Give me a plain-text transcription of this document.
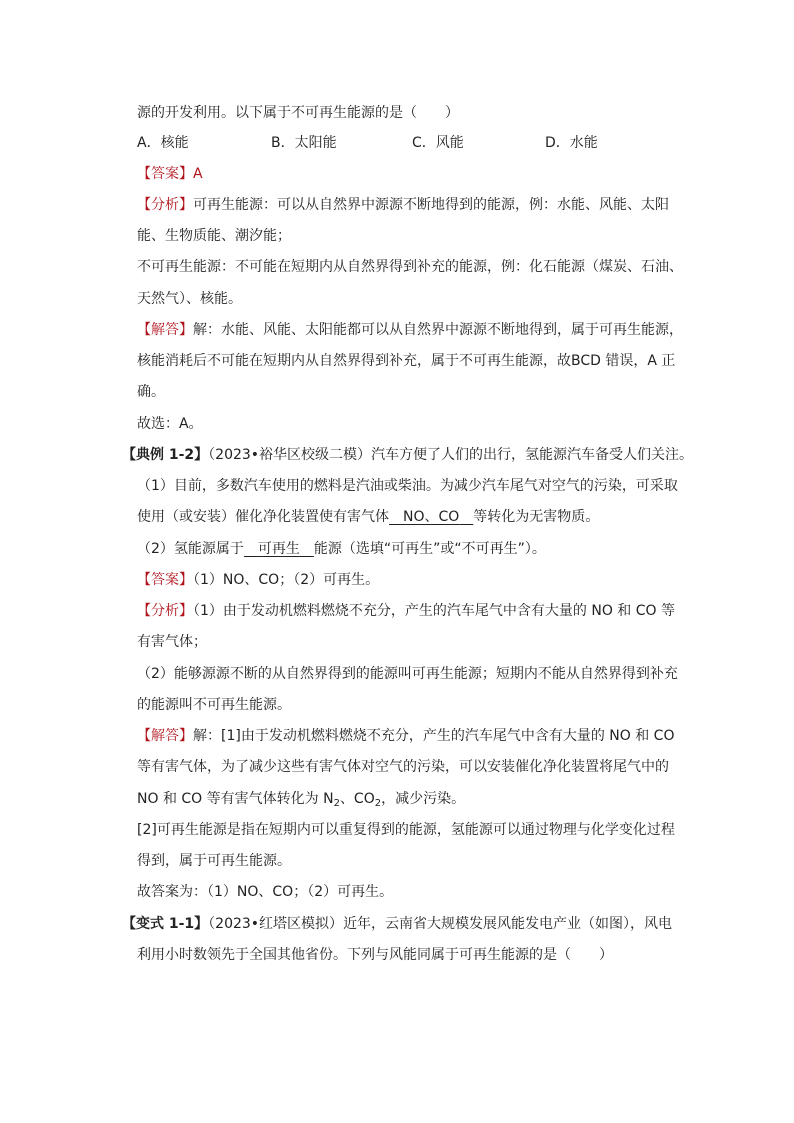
源的开发利用。以下属于不可再生能源的是（　　）
A．核能	B．太阳能	C．风能	D．水能
【答案】A
【分析】可再生能源：可以从自然界中源源不断地得到的能源，例：水能、风能、太阳
能、生物质能、潮汐能；
不可再生能源：不可能在短期内从自然界得到补充的能源，例：化石能源（煤炭、石油、
天然气）、核能。
【解答】解：水能、风能、太阳能都可以从自然界中源源不断地得到，属于可再生能源，
核能消耗后不可能在短期内从自然界得到补充，属于不可再生能源，故BCD 错误，A 正
确。
故选：A。
【典例 1-2】（2023•裕华区校级二模）汽车方便了人们的出行，氢能源汽车备受人们关注。
（1）目前，多数汽车使用的燃料是汽油或柴油。为减少汽车尾气对空气的污染，可采取
使用（或安装）催化净化装置使有害气体　 NO、CO　 等转化为无害物质。
（2）氢能源属于　 可再生　 能源（选填“可再生”或“不可再生”）。
【答案】（1）NO、CO；（2）可再生。
【分析】（1）由于发动机燃料燃烧不充分，产生的汽车尾气中含有大量的 NO 和 CO 等
有害气体；
（2）能够源源不断的从自然界得到的能源叫可再生能源；短期内不能从自然界得到补充
的能源叫不可再生能源。
【解答】解：[1]由于发动机燃料燃烧不充分，产生的汽车尾气中含有大量的 NO 和 CO
等有害气体，为了减少这些有害气体对空气的污染，可以安装催化净化装置将尾气中的
NO 和 CO 等有害气体转化为 $N_2$、$CO_2$，减少污染。
[2]可再生能源是指在短期内可以重复得到的能源，氢能源可以通过物理与化学变化过程
得到，属于可再生能源。
故答案为：（1）NO、CO；（2）可再生。
【变式 1-1】（2023•红塔区模拟）近年，云南省大规模发展风能发电产业（如图），风电
利用小时数领先于全国其他省份。下列与风能同属于可再生能源的是（　　）
